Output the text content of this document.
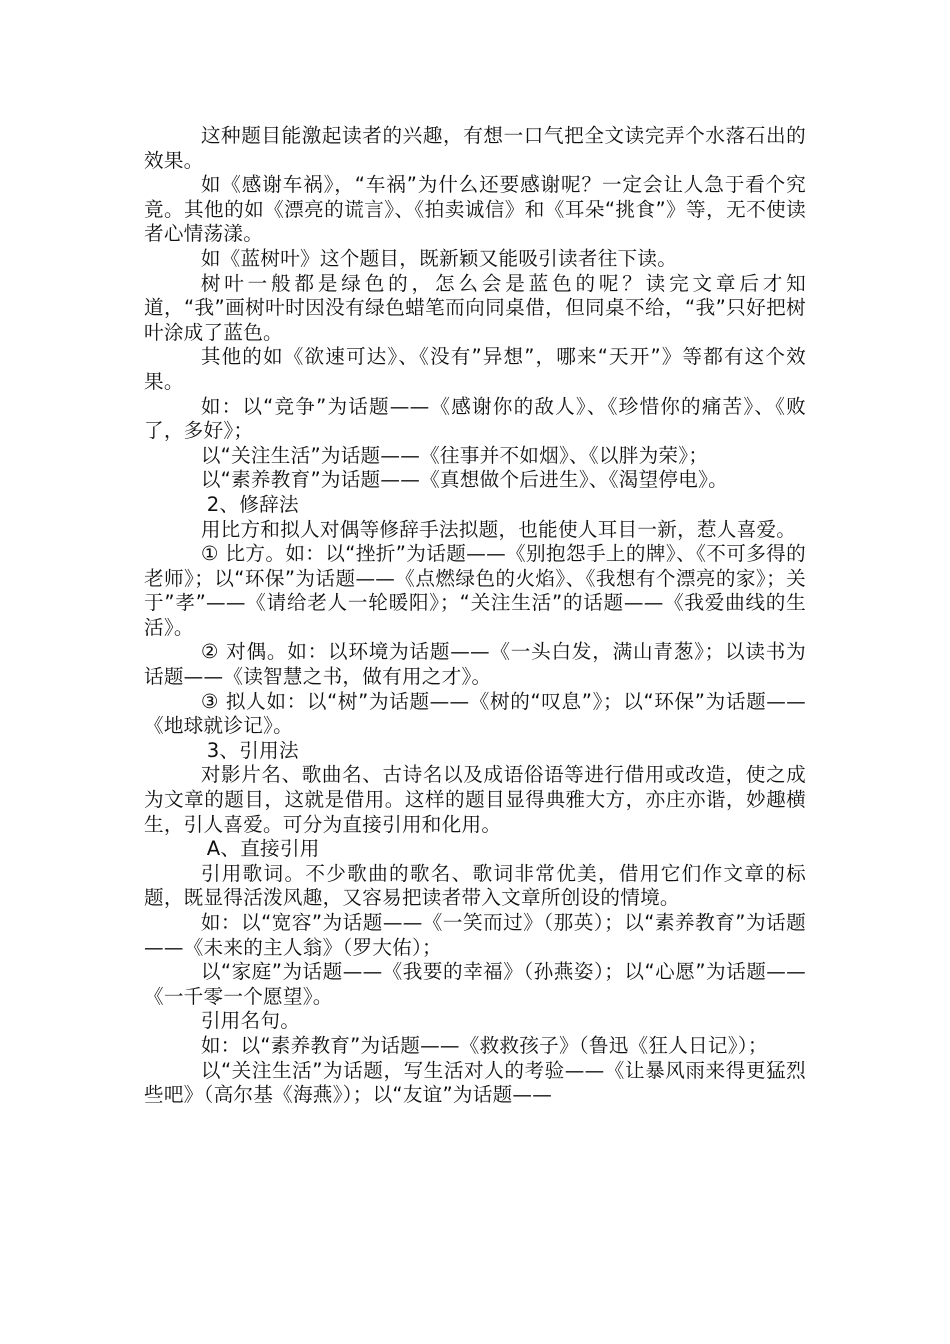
这种题目能激起读者的兴趣，有想一口气把全文读完弄个水落石出的效果。

如《感谢车祸》，“车祸”为什么还要感谢呢？一定会让人急于看个究竟。其他的如《漂亮的谎言》、《拍卖诚信》和《耳朵“挑食”》等，无不使读者心情荡漾。

如《蓝树叶》这个题目，既新颖又能吸引读者往下读。

树叶一般都是绿色的，怎么会是蓝色的呢？读完文章后才知道，“我”画树叶时因没有绿色蜡笔而向同桌借，但同桌不给，“我”只好把树叶涂成了蓝色。

其他的如《欲速可达》、《没有”异想”，哪来“天开”》等都有这个效果。

如：以“竞争”为话题——《感谢你的敌人》、《珍惜你的痛苦》、《败了，多好》；

以“关注生活”为话题——《往事并不如烟》、《以胖为荣》；

以“素养教育”为话题——《真想做个后进生》、《渴望停电》。

2、修辞法

用比方和拟人对偶等修辞手法拟题，也能使人耳目一新，惹人喜爱。

① 比方。如：以“挫折”为话题——《别抱怨手上的牌》、《不可多得的老师》；以“环保”为话题——《点燃绿色的火焰》、《我想有个漂亮的家》；关于”孝”——《请给老人一轮暖阳》；“关注生活”的话题——《我爱曲线的生活》。

② 对偶。如：以环境为话题——《一头白发，满山青葱》；以读书为话题——《读智慧之书，做有用之才》。

③ 拟人如：以“树”为话题——《树的“叹息”》；以“环保”为话题——《地球就诊记》。

3、引用法

对影片名、歌曲名、古诗名以及成语俗语等进行借用或改造，使之成为文章的题目，这就是借用。这样的题目显得典雅大方，亦庄亦谐，妙趣横生，引人喜爱。可分为直接引用和化用。

A、直接引用

引用歌词。不少歌曲的歌名、歌词非常优美，借用它们作文章的标题，既显得活泼风趣，又容易把读者带入文章所创设的情境。

如：以“宽容”为话题——《一笑而过》（那英）；以“素养教育”为话题——《未来的主人翁》（罗大佑）；

以“家庭”为话题——《我要的幸福》（孙燕姿）；以“心愿”为话题——《一千零一个愿望》。

引用名句。

如：以“素养教育”为话题——《救救孩子》（鲁迅《狂人日记》）；

以“关注生活”为话题，写生活对人的考验——《让暴风雨来得更猛烈些吧》（高尔基《海燕》）；以“友谊”为话题——
